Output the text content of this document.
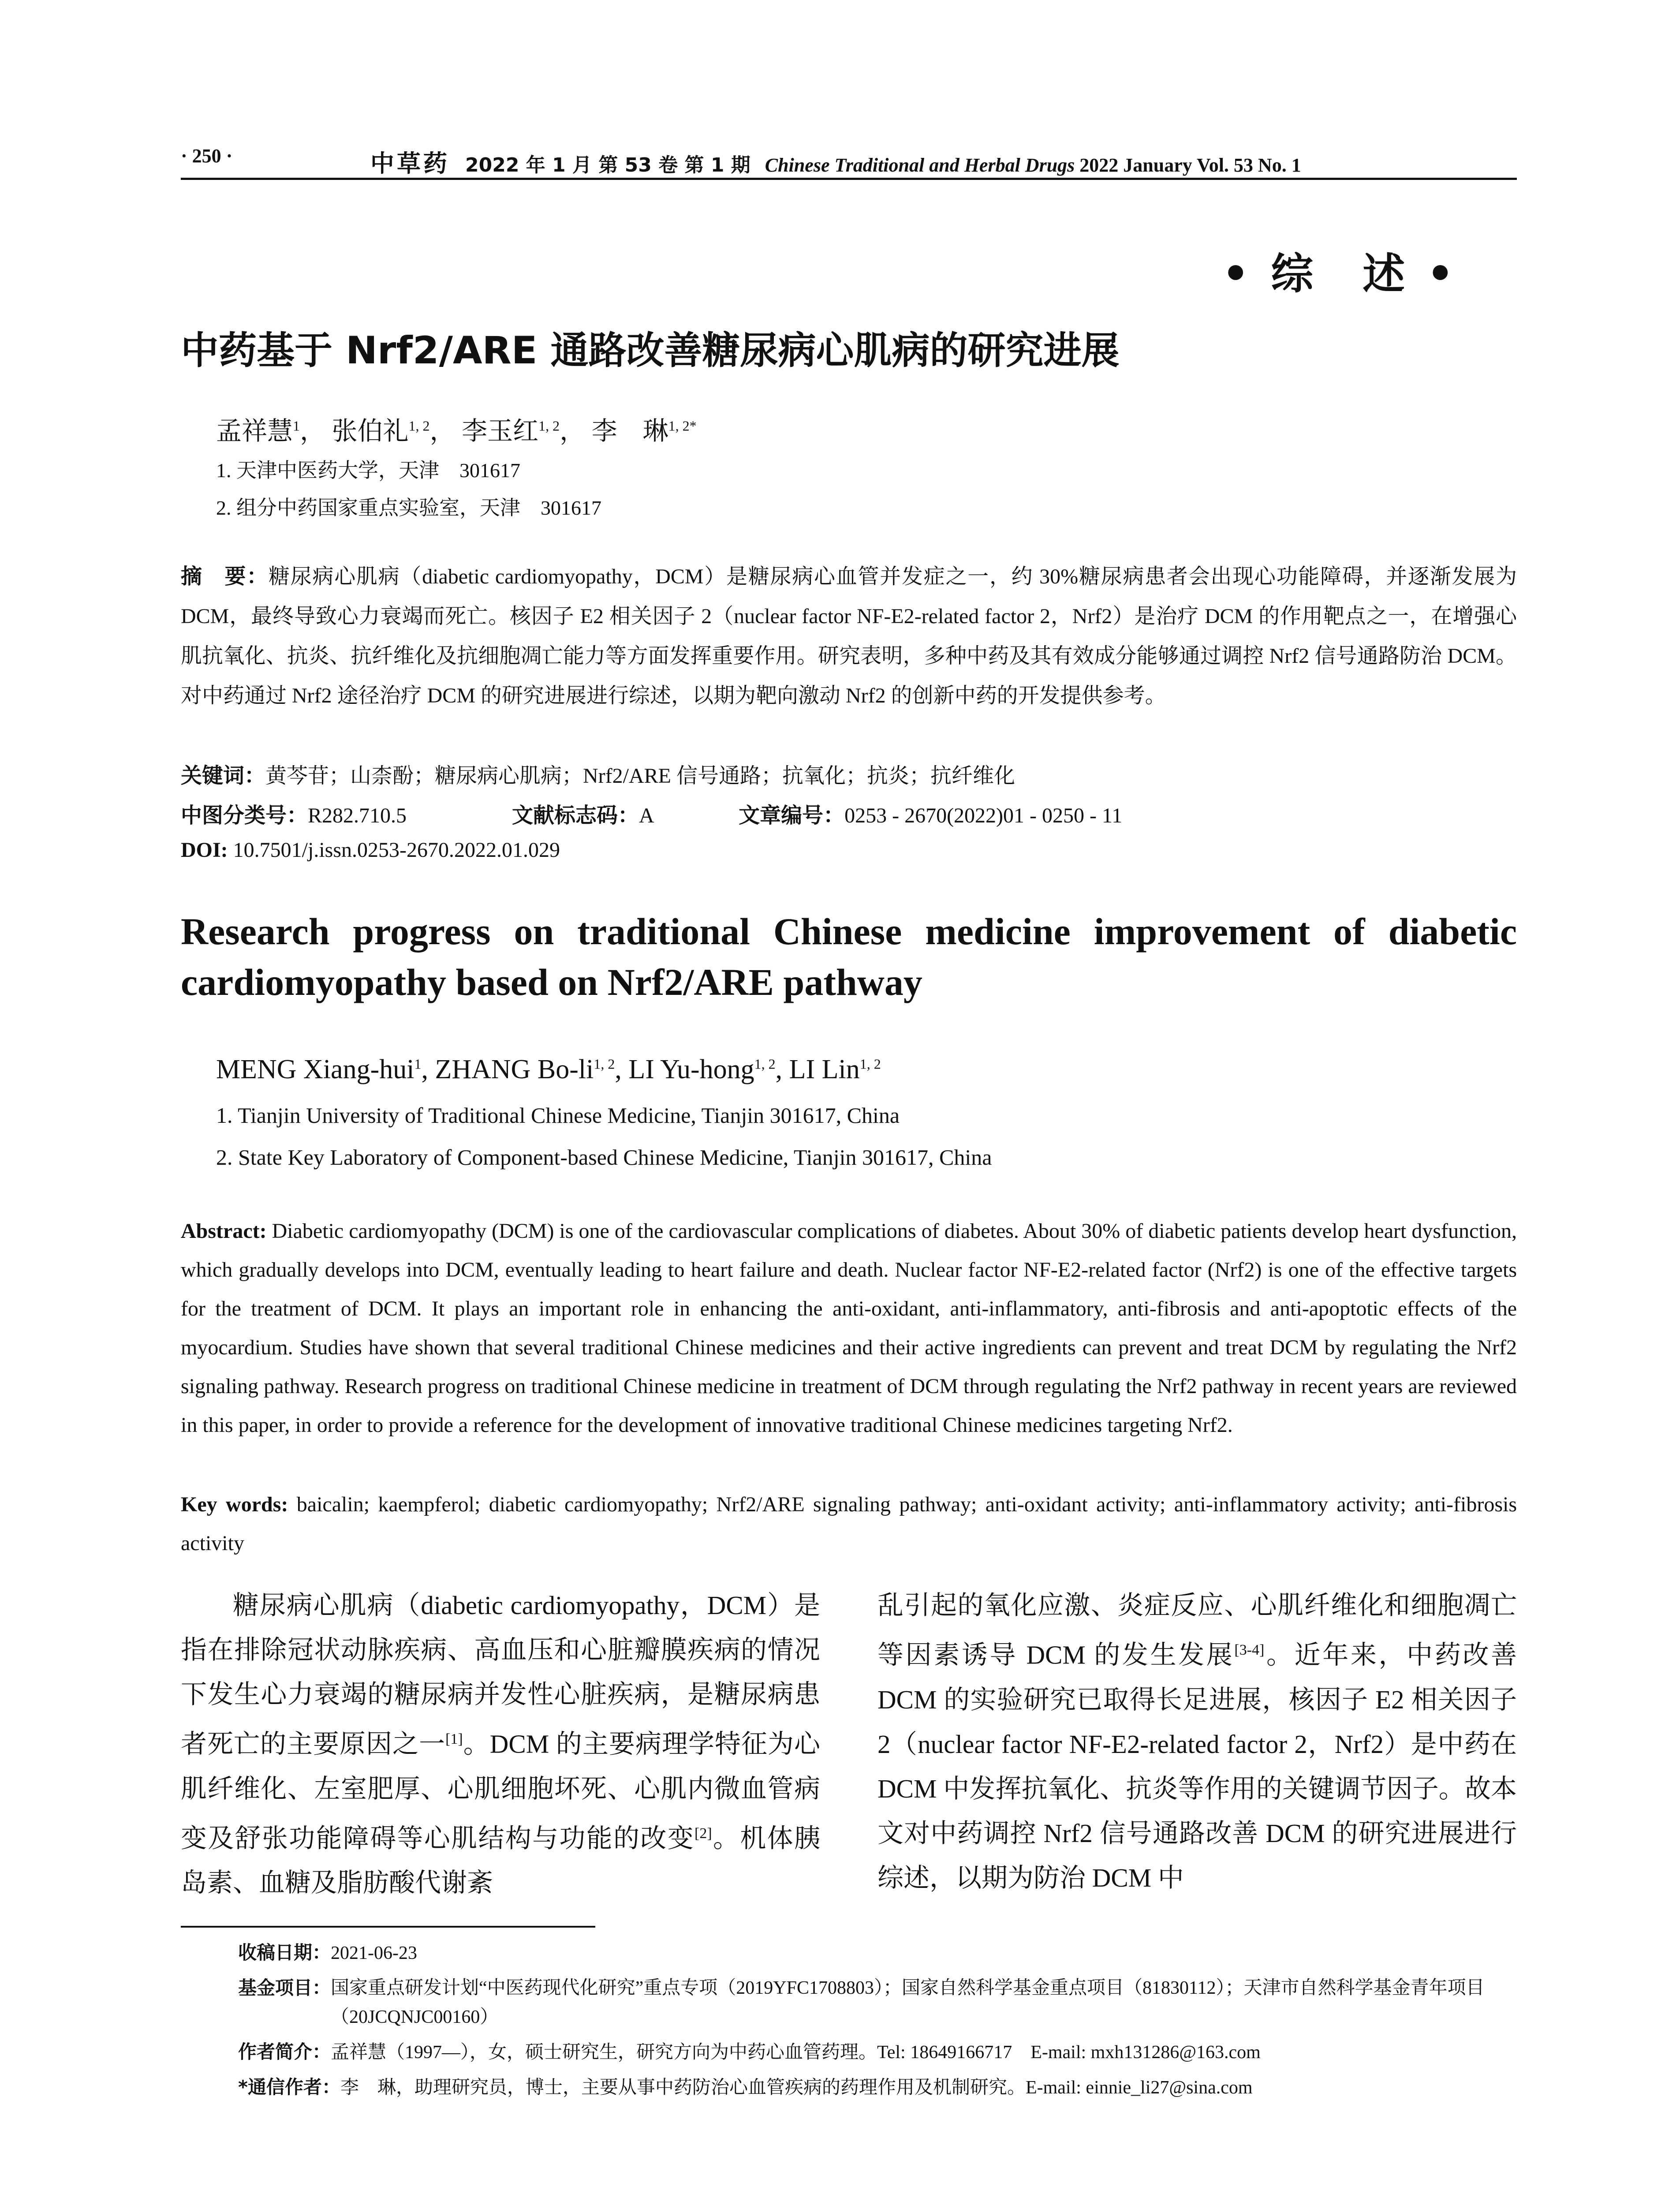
· 250 ·	中草药 2022 年 1 月 第 53 卷 第 1 期 Chinese Traditional and Herbal Drugs 2022 January Vol. 53 No. 1
• 综　述 •
中药基于 Nrf2/ARE 通路改善糖尿病心肌病的研究进展
孟祥慧$^1$， 张伯礼$^{1, 2}$， 李玉红$^{1, 2}$， 李　琳$^{1, 2*}$
1. 天津中医药大学，天津　301617
2. 组分中药国家重点实验室，天津　301617
摘　要：糖尿病心肌病（diabetic cardiomyopathy，DCM）是糖尿病心血管并发症之一，约 30%糖尿病患者会出现心功能障碍，并逐渐发展为 DCM，最终导致心力衰竭而死亡。核因子 E2 相关因子 2（nuclear factor NF-E2-related factor 2，Nrf2）是治疗 DCM 的作用靶点之一，在增强心肌抗氧化、抗炎、抗纤维化及抗细胞凋亡能力等方面发挥重要作用。研究表明，多种中药及其有效成分能够通过调控 Nrf2 信号通路防治 DCM。对中药通过 Nrf2 途径治疗 DCM 的研究进展进行综述，以期为靶向激动 Nrf2 的创新中药的开发提供参考。
关键词：黄芩苷；山柰酚；糖尿病心肌病；Nrf2/ARE 信号通路；抗氧化；抗炎；抗纤维化
中图分类号：R282.710.5	文献标志码：A	文章编号：0253 - 2670(2022)01 - 0250 - 11
DOI: 10.7501/j.issn.0253-2670.2022.01.029
Research progress on traditional Chinese medicine improvement of diabetic cardiomyopathy based on Nrf2/ARE pathway
MENG Xiang-hui$^1$, ZHANG Bo-li$^{1, 2}$, LI Yu-hong$^{1, 2}$, LI Lin$^{1, 2}$
1. Tianjin University of Traditional Chinese Medicine, Tianjin 301617, China
2. State Key Laboratory of Component-based Chinese Medicine, Tianjin 301617, China
Abstract: Diabetic cardiomyopathy (DCM) is one of the cardiovascular complications of diabetes. About 30% of diabetic patients develop heart dysfunction, which gradually develops into DCM, eventually leading to heart failure and death. Nuclear factor NF-E2-related factor (Nrf2) is one of the effective targets for the treatment of DCM. It plays an important role in enhancing the anti-oxidant, anti-inflammatory, anti-fibrosis and anti-apoptotic effects of the myocardium. Studies have shown that several traditional Chinese medicines and their active ingredients can prevent and treat DCM by regulating the Nrf2 signaling pathway. Research progress on traditional Chinese medicine in treatment of DCM through regulating the Nrf2 pathway in recent years are reviewed in this paper, in order to provide a reference for the development of innovative traditional Chinese medicines targeting Nrf2.
Key words: baicalin; kaempferol; diabetic cardiomyopathy; Nrf2/ARE signaling pathway; anti-oxidant activity; anti-inflammatory activity; anti-fibrosis activity
糖尿病心肌病（diabetic cardiomyopathy，DCM）是指在排除冠状动脉疾病、高血压和心脏瓣膜疾病的情况下发生心力衰竭的糖尿病并发性心脏疾病，是糖尿病患者死亡的主要原因之一[1]。DCM 的主要病理学特征为心肌纤维化、左室肥厚、心肌细胞坏死、心肌内微血管病变及舒张功能障碍等心肌结构与功能的改变[2]。机体胰岛素、血糖及脂肪酸代谢紊
乱引起的氧化应激、炎症反应、心肌纤维化和细胞凋亡等因素诱导 DCM 的发生发展[3-4]。近年来，中药改善 DCM 的实验研究已取得长足进展，核因子 E2 相关因子 2（nuclear factor NF-E2-related factor 2，Nrf2）是中药在 DCM 中发挥抗氧化、抗炎等作用的关键调节因子。故本文对中药调控 Nrf2 信号通路改善 DCM 的研究进展进行综述，以期为防治 DCM 中
收稿日期：2021-06-23
基金项目： 国家重点研发计划“中医药现代化研究”重点专项（2019YFC1708803）；国家自然科学基金重点项目（81830112）；天津市自然科学基金青年项目（20JCQNJC00160）
作者简介：孟祥慧（1997—），女，硕士研究生，研究方向为中药心血管药理。Tel: 18649166717　E-mail: mxh131286@163.com
*通信作者：李　琳，助理研究员，博士，主要从事中药防治心血管疾病的药理作用及机制研究。E-mail: einnie_li27@sina.com
